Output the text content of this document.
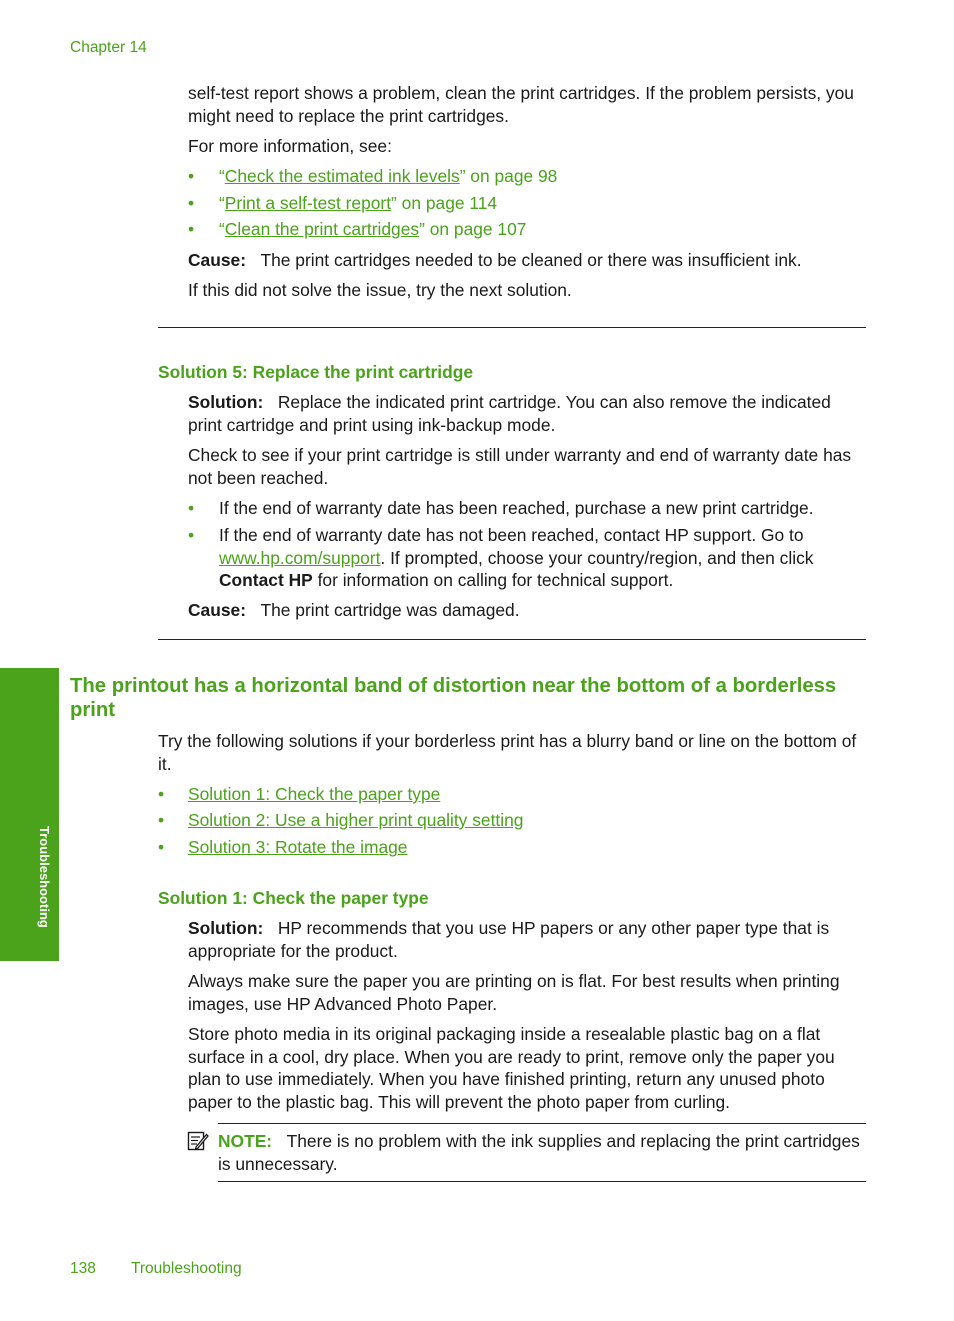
Chapter 14

self-test report shows a problem, clean the print cartridges. If the problem persists, you might need to replace the print cartridges.

For more information, see:
• “Check the estimated ink levels” on page 98
• “Print a self-test report” on page 114
• “Clean the print cartridges” on page 107
Cause: The print cartridges needed to be cleaned or there was insufficient ink.
If this did not solve the issue, try the next solution.
Solution 5: Replace the print cartridge
Solution: Replace the indicated print cartridge. You can also remove the indicated print cartridge and print using ink-backup mode.
Check to see if your print cartridge is still under warranty and end of warranty date has not been reached.
• If the end of warranty date has been reached, purchase a new print cartridge.
• If the end of warranty date has not been reached, contact HP support. Go to www.hp.com/support. If prompted, choose your country/region, and then click Contact HP for information on calling for technical support.
Cause: The print cartridge was damaged.
Troubleshooting
The printout has a horizontal band of distortion near the bottom of a borderless print
Try the following solutions if your borderless print has a blurry band or line on the bottom of it.
• Solution 1: Check the paper type
• Solution 2: Use a higher print quality setting
• Solution 3: Rotate the image
Solution 1: Check the paper type
Solution: HP recommends that you use HP papers or any other paper type that is appropriate for the product.
Always make sure the paper you are printing on is flat. For best results when printing images, use HP Advanced Photo Paper.
Store photo media in its original packaging inside a resealable plastic bag on a flat surface in a cool, dry place. When you are ready to print, remove only the paper you plan to use immediately. When you have finished printing, return any unused photo paper to the plastic bag. This will prevent the photo paper from curling.
NOTE: There is no problem with the ink supplies and replacing the print cartridges is unnecessary.
138 Troubleshooting
